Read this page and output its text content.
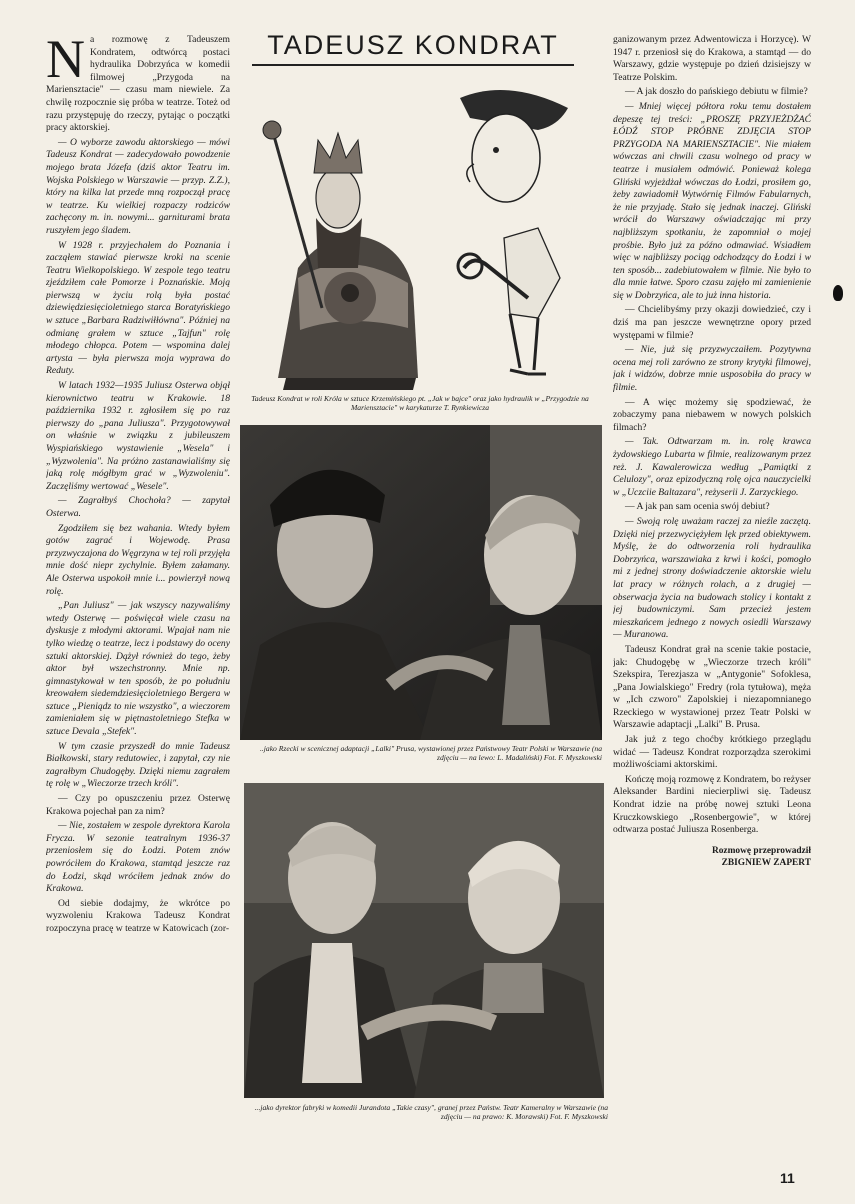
TADEUSZ KONDRAT

Na rozmowę z Tadeuszem Kondratem, odtwórcą postaci hydraulika Dobrzyńca w komedii filmowej „Przygoda na Mariensztacie" — czasu mam niewiele. Za chwilę rozpocznie się próba w teatrze. Toteż od razu przystępuję do rzeczy, pytając o początki pracy aktorskiej.

— O wyborze zawodu aktorskiego — mówi Tadeusz Kondrat — zadecydowało powodzenie mojego brata Józefa (dziś aktor Teatru im. Wojska Polskiego w Warszawie — przyp. Z.Z.), który na kilka lat przede mną rozpoczął pracę w teatrze. Ku wielkiej rozpaczy rodziców zachęcony m. in. nowymi... garniturami brata ruszyłem jego śladem.

W 1928 r. przyjechałem do Poznania i zacząłem stawiać pierwsze kroki na scenie Teatru Wielkopolskiego. W zespole tego teatru zjeździłem całe Pomorze i Poznańskie. Moją pierwszą w życiu rolą była postać dziewiędziesięcioletniego starca Boratyńskiego w sztuce „Barbara Radziwiłłówna". Później na odmianę grałem w sztuce „Tajfun" rolę młodego chłopca. Potem — wspomina dalej artysta — była pierwsza moja wyprawa do Reduty.

W latach 1932—1935 Juliusz Osterwa objął kierownictwo teatru w Krakowie. 18 października 1932 r. zgłosiłem się po raz pierwszy do „pana Juliusza". Przygotowywał on właśnie w związku z jubileuszem Wyspiańskiego wystawienie „Wesela" i „Wyzwolenia". Na próżno zastanawialiśmy się jaką rolę mógłbym grać w „Wyzwoleniu". Zaczęliśmy wertować „Wesele".

— Zagrałbyś Chochoła? — zapytał Osterwa.

Zgodziłem się bez wahania. Wtedy byłem gotów zagrać i Wojewodę. Prasa przyzwyczajona do Węgrzyna w tej roli przyjęła mnie dość niepr zychylnie. Byłem załamany. Ale Osterwa uspokoił mnie i... powierzył nową rolę.

„Pan Juliusz" — jak wszyscy nazywaliśmy wtedy Osterwę — poświęcał wiele czasu na dyskusje z młodymi aktorami. Wpajał nam nie tylko wiedzę o teatrze, lecz i podstawy do oceny sztuki aktorskiej. Dążył również do tego, żeby aktor był wszechstronny. Mnie np. gimnastykował w ten sposób, że po południu kreowałem siedemdziesięcioletniego Bergera w sztuce „Pieniądz to nie wszystko", a wieczorem zamieniałem się w piętnastoletniego Stefka w sztuce Devala „Stefek".

W tym czasie przyszedł do mnie Tadeusz Białkowski, stary redutowiec, i zapytał, czy nie zagrałbym Chudogęby. Dzięki niemu zagrałem tę rolę w „Wieczorze trzech króli".

— Czy po opuszczeniu przez Osterwę Krakowa pojechał pan za nim?

— Nie, zostałem w zespole dyrektora Karola Frycza. W sezonie teatralnym 1936-37 przeniosłem się do Łodzi. Potem znów powróciłem do Krakowa, stamtąd jeszcze raz do Łodzi, skąd wróciłem jednak znów do Krakowa.

Od siebie dodajmy, że wkrótce po wyzwoleniu Krakowa Tadeusz Kondrat rozpoczyna pracę w teatrze w Katowicach (zor-

ganizowanym przez Adwentowicza i Horzycę). W 1947 r. przeniosł się do Krakowa, a stamtąd — do Warszawy, gdzie występuje po dzień dzisiejszy w Teatrze Polskim.

— A jak doszło do pańskiego debiutu w filmie?

— Mniej więcej półtora roku temu dostałem depeszę tej treści: „PROSZĘ PRZYJEŻDŻAĆ ŁÓDŹ STOP PRÓBNE ZDJĘCIA STOP PRZYGODA NA MARIENSZTACIE". Nie miałem wówczas ani chwili czasu wolnego od pracy w teatrze i musiałem odmówić. Ponieważ kolega Gliński wyjeżdżał wówczas do Łodzi, prosiłem go, żeby zawiadomił Wytwórnię Filmów Fabularnych, że nie przyjadę. Stało się jednak inaczej. Gliński wrócił do Warszawy oświadczając mi przy najbliższym spotkaniu, że zapomniał o mojej prośbie. Było już za późno odmawiać. Wsiadłem więc w najbliższy pociąg odchodzący do Łodzi i w ten sposób... zadebiutowałem w filmie. Nie było to dla mnie łatwe. Sporo czasu zajęło mi zamienienie się w Dobrzyńca, ale to już inna historia.

— Chcielibyśmy przy okazji dowiedzieć, czy i dziś ma pan jeszcze wewnętrzne opory przed występami w filmie?

— Nie, już się przyzwyczaiłem. Pozytywna ocena mej roli zarówno ze strony krytyki filmowej, jak i widzów, dobrze mnie usposobiła do pracy w filmie.

— A więc możemy się spodziewać, że zobaczymy pana niebawem w nowych polskich filmach?

— Tak. Odtwarzam m. in. rolę krawca żydowskiego Lubarta w filmie, realizowanym przez reż. J. Kawalerowicza według „Pamiątki z Celulozy", oraz epizodyczną rolę ojca nauczycielki w „Uczciie Baltazara", reżyserii J. Zarzyckiego.

— A jak pan sam ocenia swój debiut?

— Swoją rolę uważam raczej za nieźle zaczętą. Dzięki niej przezwyciężyłem lęk przed obiektywem. Myślę, że do odtworzenia roli hydraulika Dobrzyńca, warszawiaka z krwi i kości, pomogło mi z jednej strony doświadczenie aktorskie wielu lat pracy w różnych rolach, a z drugiej — obserwacja życia na budowach stolicy i kontakt z jej budowniczymi. Sam przecież jestem mieszkańcem jednego z nowych osiedli Warszawy — Muranowa.

Tadeusz Kondrat grał na scenie takie postacie, jak: Chudogębę w „Wieczorze trzech króli" Szekspira, Terezjasza w „Antygonie" Sofoklesa, „Pana Jowialskiego" Fredry (rola tytułowa), męża w „Ich czworo" Zapolskiej i niezapomnianego Rzeckiego w wystawionej przez Teatr Polski w Warszawie adaptacji „Lalki" B. Prusa.

Jak już z tego choćby krótkiego przeglądu widać — Tadeusz Kondrat rozporządza szerokimi możliwościami aktorskimi.

Kończę moją rozmowę z Kondratem, bo reżyser Aleksander Bardini niecierpliwi się. Tadeusz Kondrat idzie na próbę nowej sztuki Leona Kruczkowskiego „Rosenbergowie", w której odtwarza postać Juliusza Rosenberga.

Rozmowę przeprowadził
ZBIGNIEW ZAPERT
Tadeusz Kondrat w roli Króla w sztuce Krzemińskiego pt. „Jak w bajce" oraz jako hydraulik w „Przygodzie na Mariensztacie" w karykaturze T. Rynkiewicza
..jako Rzecki w scenicznej adaptacji „Lalki" Prusa, wystawionej przez Państwowy Teatr Polski w Warszawie (na zdjęciu — na lewo: L. Madaliński) Fot. F. Myszkowski
...jako dyrektor fabryki w komedii Jurandota „Takie czasy", granej przez Państw. Teatr Kameralny w Warszawie (na zdjęciu — na prawo: K. Morawski) Fot. F. Myszkowski
11
